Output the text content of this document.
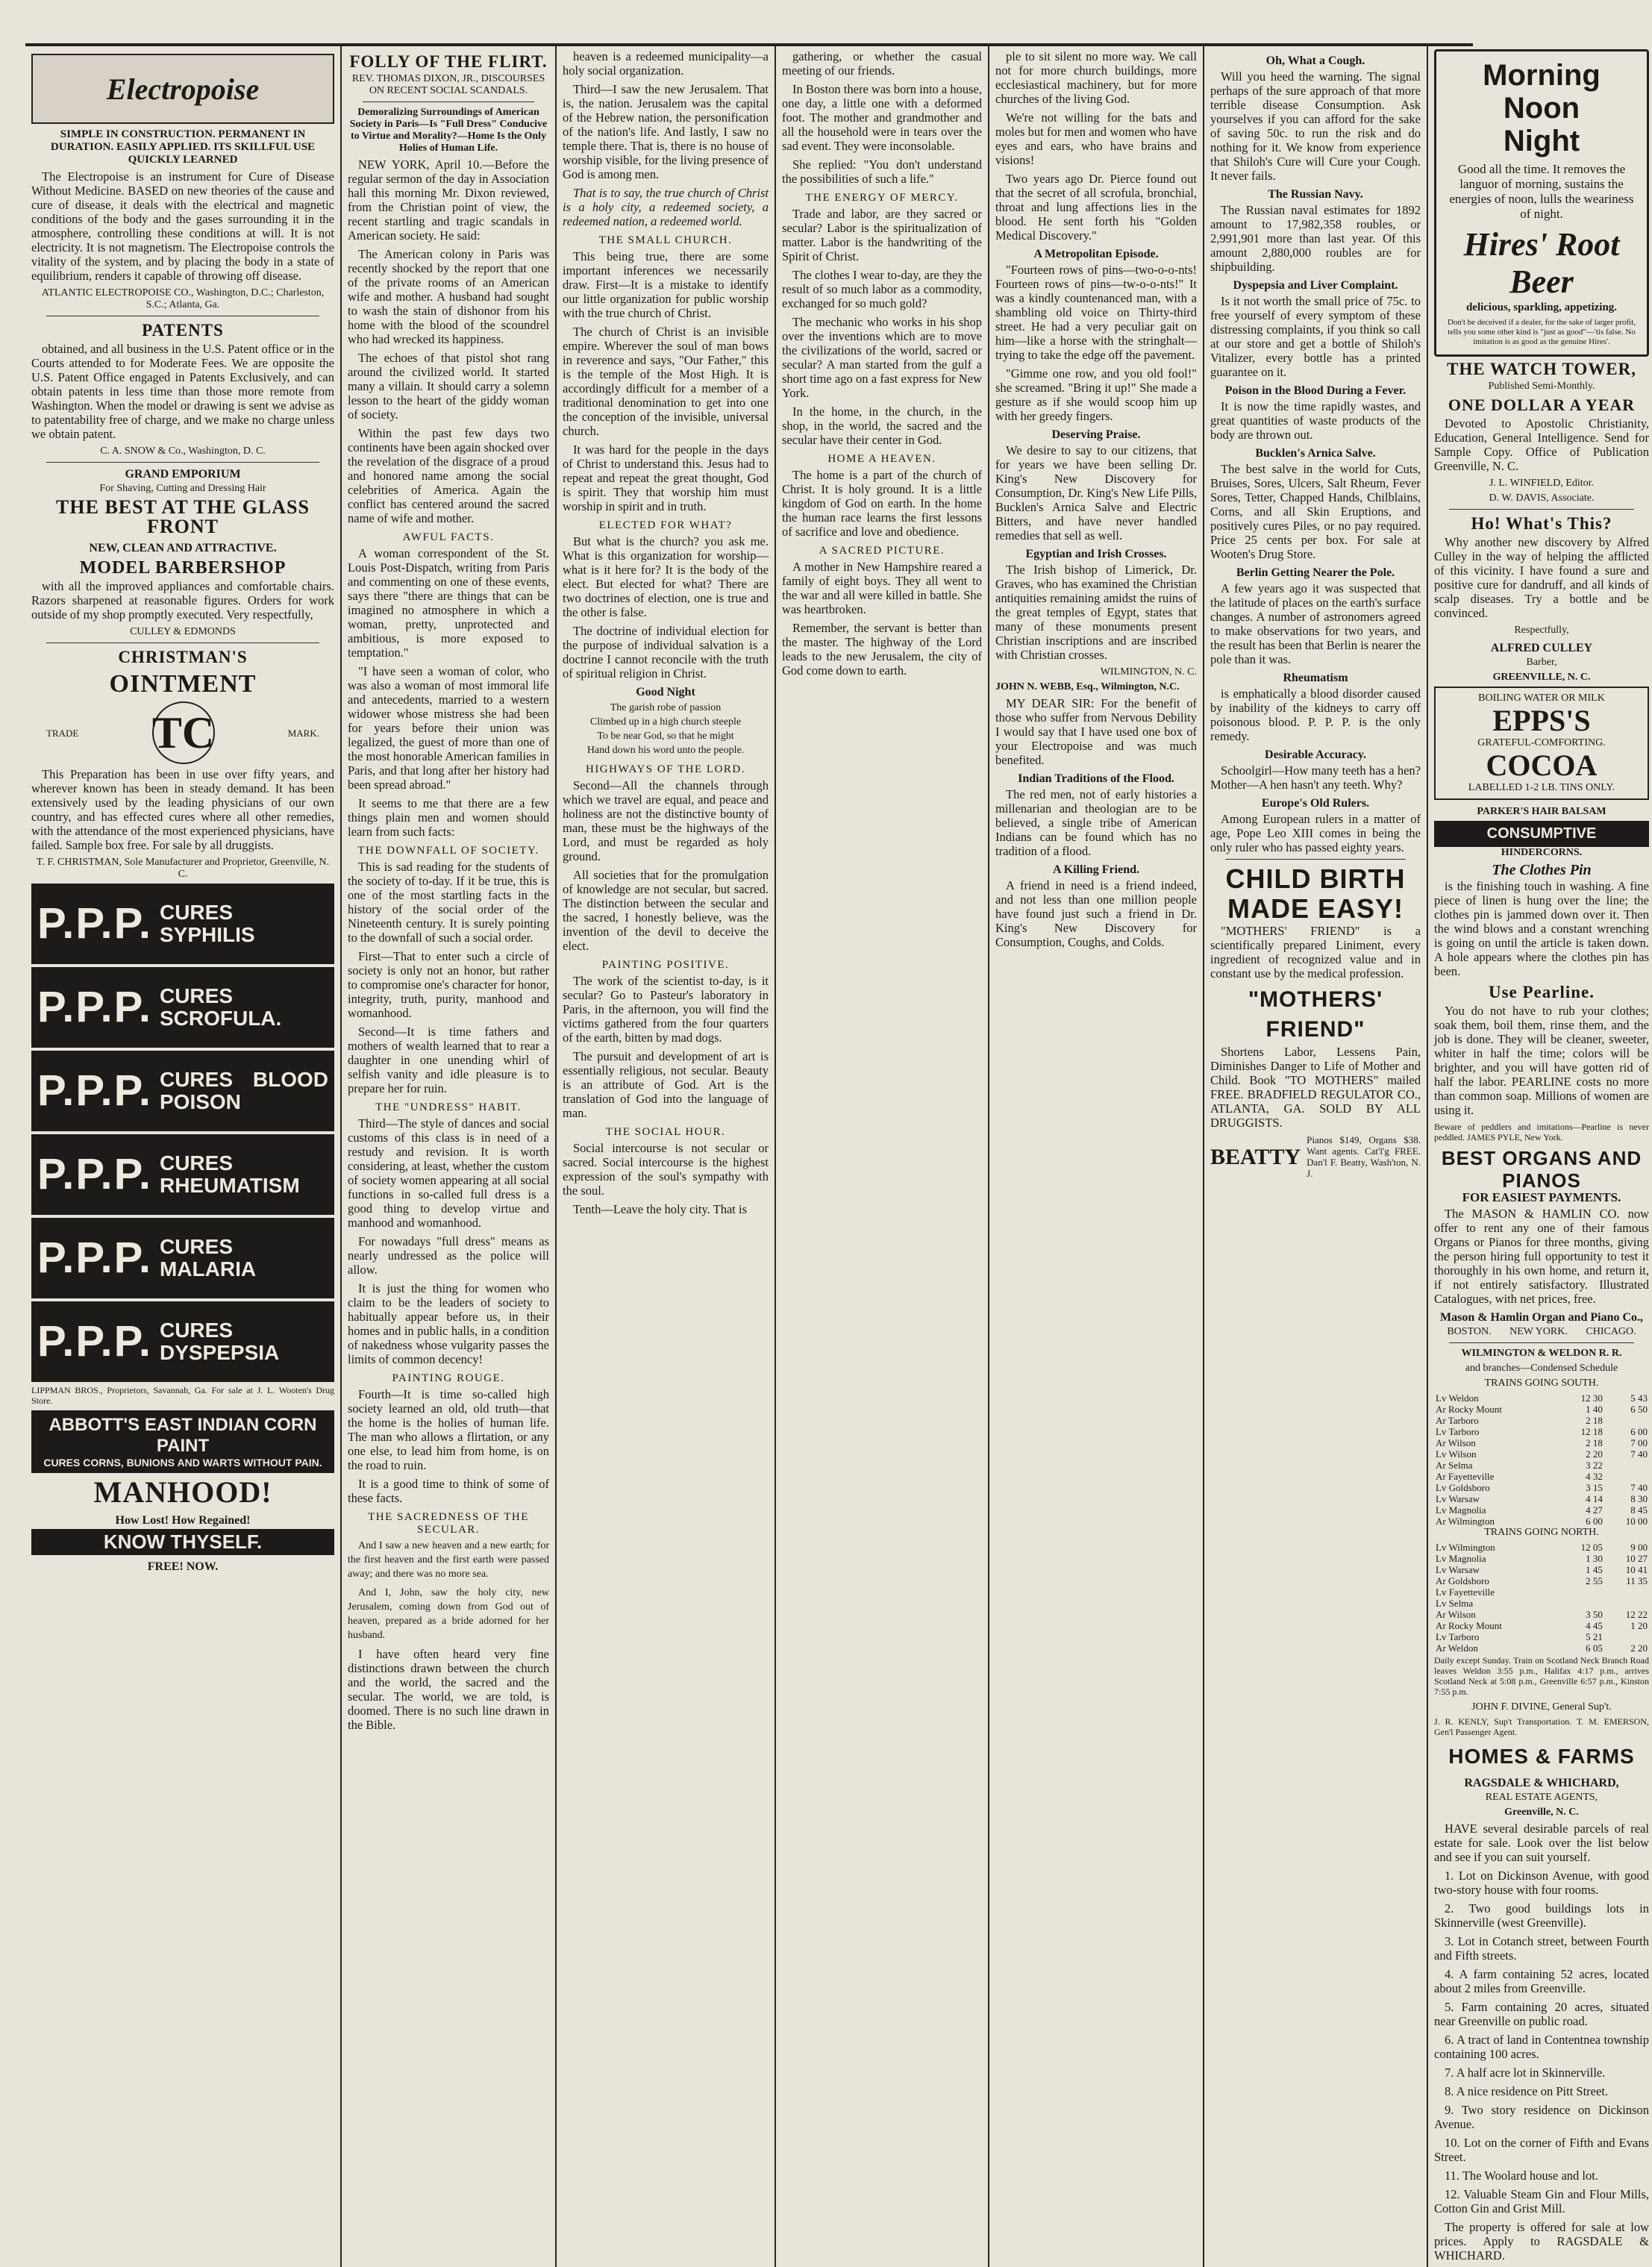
Electropoise
SIMPLE IN CONSTRUCTION. PERMANENT IN DURATION. EASILY APPLIED. ITS SKILLFUL USE QUICKLY LEARNED

The Electropoise is an instrument for Cure of Disease Without Medicine. BASED on new theories of the cause and cure of disease, it deals with the electrical and magnetic conditions of the body and the gases surrounding it in the atmosphere, controlling these conditions at will. It is not electricity. It is not magnetism. The Electropoise controls the vitality of the system, and by placing the body in a state of equilibrium, renders it capable of throwing off disease.

ATLANTIC ELECTROPOISE CO., Washington, D.C.; Charleston, S.C.; Atlanta, Ga.
PATENTS

obtained, and all business in the U.S. Patent office or in the Courts attended to for Moderate Fees. We are opposite the U.S. Patent Office engaged in Patents Exclusively, and can obtain patents in less time than those more remote from Washington. When the model or drawing is sent we advise as to patentability free of charge, and we make no charge unless we obtain patent.

C. A. SNOW & Co., Washington, D. C.
GRAND EMPORIUM
For Shaving, Cutting and Dressing Hair
THE BEST AT THE GLASS FRONT
NEW, CLEAN AND ATTRACTIVE.
MODEL BARBERSHOP

with all the improved appliances and comfortable chairs. Razors sharpened at reasonable figures. Orders for work outside of my shop promptly executed. Very respectfully,

CULLEY & EDMONDS
CHRISTMAN'S
OINTMENT
TRADE TC	MARK.

This Preparation has been in use over fifty years, and wherever known has been in steady demand. It has been extensively used by the leading physicians of our own country, and has effected cures where all other remedies, with the attendance of the most experienced physicians, have failed. Sample box free. For sale by all druggists.

T. F. CHRISTMAN, Sole Manufacturer and Proprietor, Greenville, N. C.
P.P.P. CURES SYPHILIS
P.P.P. CURES SCROFULA.
P.P.P. CURES BLOOD POISON
P.P.P. CURES RHEUMATISM
P.P.P. CURES MALARIA
P.P.P. CURES DYSPEPSIA
LIPPMAN BROS., Proprietors, Savannah, Ga. For sale at J. L. Wooten's Drug Store.
ABBOTT'S EAST INDIAN CORN PAINT
CURES CORNS, BUNIONS AND WARTS WITHOUT PAIN.
MANHOOD!
How Lost! How Regained!
KNOW THYSELF.
FREE! NOW.
FOLLY OF THE FLIRT.
REV. THOMAS DIXON, JR., DISCOURSES ON RECENT SOCIAL SCANDALS.
Demoralizing Surroundings of American Society in Paris—Is "Full Dress" Conducive to Virtue and Morality?—Home Is the Only Holies of Human Life.

NEW YORK, April 10.—Before the regular sermon of the day in Association hall this morning Mr. Dixon reviewed, from the Christian point of view, the recent startling and tragic scandals in American society. He said:

The American colony in Paris was recently shocked by the report that one of the private rooms of an American wife and mother. A husband had sought to wash the stain of dishonor from his home with the blood of the scoundrel who had wrecked its happiness.

The echoes of that pistol shot rang around the civilized world. It started many a villain. It should carry a solemn lesson to the heart of the giddy woman of society.

Within the past few days two continents have been again shocked over the revelation of the disgrace of a proud and honored name among the social celebrities of America. Again the conflict has centered around the sacred name of wife and mother.

AWFUL FACTS.

A woman correspondent of the St. Louis Post-Dispatch, writing from Paris and commenting on one of these events, says there "there are things that can be imagined no atmosphere in which a woman, pretty, unprotected and ambitious, is more exposed to temptation."

"I have seen a woman of color, who was also a woman of most immoral life and antecedents, married to a western widower whose mistress she had been for years before their union was legalized, the guest of more than one of the most honorable American families in Paris, and that long after her history had been spread abroad."

It seems to me that there are a few things plain men and women should learn from such facts:

THE DOWNFALL OF SOCIETY.

This is sad reading for the students of the society of to-day. If it be true, this is one of the most startling facts in the history of the social order of the Nineteenth century. It is surely pointing to the downfall of such a social order.

First—That to enter such a circle of society is only not an honor, but rather to compromise one's character for honor, integrity, truth, purity, manhood and womanhood.

Second—It is time fathers and mothers of wealth learned that to rear a daughter in one unending whirl of selfish vanity and idle pleasure is to prepare her for ruin.

THE "UNDRESS" HABIT.

Third—The style of dances and social customs of this class is in need of a restudy and revision. It is worth considering, at least, whether the custom of society women appearing at all social functions in so-called full dress is a good thing to develop virtue and manhood and womanhood.

For nowadays "full dress" means as nearly undressed as the police will allow.

It is just the thing for women who claim to be the leaders of society to habitually appear before us, in their homes and in public halls, in a condition of nakedness whose vulgarity passes the limits of common decency!

PAINTING ROUGE.

Fourth—It is time so-called high society learned an old, old truth—that the home is the holies of human life. The man who allows a flirtation, or any one else, to lead him from home, is on the road to ruin.

It is a good time to think of some of these facts.

THE SACREDNESS OF THE SECULAR.

And I saw a new heaven and a new earth; for the first heaven and the first earth were passed away; and there was no more sea.

And I, John, saw the holy city, new Jerusalem, coming down from God out of heaven, prepared as a bride adorned for her husband.

I have often heard very fine distinctions drawn between the church and the world, the sacred and the secular. The world, we are told, is doomed. There is no such line drawn in the Bible.

heaven is a redeemed municipality—a holy social organization.

Third—I saw the new Jerusalem. That is, the nation. Jerusalem was the capital of the Hebrew nation, the personification of the nation's life. And lastly, I saw no temple there. That is, there is no house of worship visible, for the living presence of God is among men.

That is to say, the true church of Christ is a holy city, a redeemed society, a redeemed nation, a redeemed world.

THE SMALL CHURCH.

This being true, there are some important inferences we necessarily draw. First—It is a mistake to identify our little organization for public worship with the true church of Christ.

The church of Christ is an invisible empire. Wherever the soul of man bows in reverence and says, "Our Father," this is the temple of the Most High. It is accordingly difficult for a member of a traditional denomination to get into one the conception of the invisible, universal church.

It was hard for the people in the days of Christ to understand this. Jesus had to repeat and repeat the great thought, God is spirit. They that worship him must worship in spirit and in truth.

ELECTED FOR WHAT?

But what is the church? you ask me. What is this organization for worship—what is it here for? It is the body of the elect. But elected for what? There are two doctrines of election, one is true and the other is false.

The doctrine of individual election for the purpose of individual salvation is a doctrine I cannot reconcile with the truth of spiritual religion in Christ.

Good Night

The garish robe of passion
Climbed up in a high church steeple
To be near God, so that he might
Hand down his word unto the people.

HIGHWAYS OF THE LORD.

Second—All the channels through which we travel are equal, and peace and holiness are not the distinctive bounty of man, these must be the highways of the Lord, and must be regarded as holy ground.

All societies that for the promulgation of knowledge are not secular, but sacred. The distinction between the secular and the sacred, I honestly believe, was the invention of the devil to deceive the elect.

PAINTING POSITIVE.

The work of the scientist to-day, is it secular? Go to Pasteur's laboratory in Paris, in the afternoon, you will find the victims gathered from the four quarters of the earth, bitten by mad dogs.

The pursuit and development of art is essentially religious, not secular. Beauty is an attribute of God. Art is the translation of God into the language of man.

THE SOCIAL HOUR.

Social intercourse is not secular or sacred. Social intercourse is the highest expression of the soul's sympathy with the soul.

Tenth—Leave the holy city. That is

gathering, or whether the casual meeting of our friends.

In Boston there was born into a house, one day, a little one with a deformed foot. The mother and grandmother and all the household were in tears over the sad event. They were inconsolable.

She replied: "You don't understand the possibilities of such a life."

THE ENERGY OF MERCY.

Trade and labor, are they sacred or secular? Labor is the spiritualization of matter. Labor is the handwriting of the Spirit of Christ.

The clothes I wear to-day, are they the result of so much labor as a commodity, exchanged for so much gold?

The mechanic who works in his shop over the inventions which are to move the civilizations of the world, sacred or secular? A man started from the gulf a short time ago on a fast express for New York.

In the home, in the church, in the shop, in the world, the sacred and the secular have their center in God.

HOME A HEAVEN.

The home is a part of the church of Christ. It is holy ground. It is a little kingdom of God on earth. In the home the human race learns the first lessons of sacrifice and love and obedience.

A SACRED PICTURE.

A mother in New Hampshire reared a family of eight boys. They all went to the war and all were killed in battle. She was heartbroken.

Remember, the servant is better than the master. The highway of the Lord leads to the new Jerusalem, the city of God come down to earth.

ple to sit silent no more way. We call not for more church buildings, more ecclesiastical machinery, but for more churches of the living God.

We're not willing for the bats and moles but for men and women who have eyes and ears, who have brains and visions!

Two years ago Dr. Pierce found out that the secret of all scrofula, bronchial, throat and lung affections lies in the blood. He sent forth his "Golden Medical Discovery."

A Metropolitan Episode.

"Fourteen rows of pins—two-o-o-nts! Fourteen rows of pins—tw-o-o-nts!" It was a kindly countenanced man, with a shambling old voice on Thirty-third street. He had a very peculiar gait on him—like a horse with the stringhalt—trying to take the edge off the pavement.

"Gimme one row, and you old fool!" she screamed. "Bring it up!" She made a gesture as if she would scoop him up with her greedy fingers.

Deserving Praise.

We desire to say to our citizens, that for years we have been selling Dr. King's New Discovery for Consumption, Dr. King's New Life Pills, Bucklen's Arnica Salve and Electric Bitters, and have never handled remedies that sell as well.

Egyptian and Irish Crosses.

The Irish bishop of Limerick, Dr. Graves, who has examined the Christian antiquities remaining amidst the ruins of the great temples of Egypt, states that many of these monuments present Christian inscriptions and are inscribed with Christian crosses.

WILMINGTON, N. C.
JOHN N. WEBB, Esq., Wilmington, N.C.

MY DEAR SIR: For the benefit of those who suffer from Nervous Debility I would say that I have used one box of your Electropoise and was much benefited.

Indian Traditions of the Flood.

The red men, not of early histories a millenarian and theologian are to be believed, a single tribe of American Indians can be found which has no tradition of a flood.

A Killing Friend.

A friend in need is a friend indeed, and not less than one million people have found just such a friend in Dr. King's New Discovery for Consumption, Coughs, and Colds.

Oh, What a Cough.

Will you heed the warning. The signal perhaps of the sure approach of that more terrible disease Consumption. Ask yourselves if you can afford for the sake of saving 50c. to run the risk and do nothing for it. We know from experience that Shiloh's Cure will Cure your Cough. It never fails.

The Russian Navy.

The Russian naval estimates for 1892 amount to 17,982,358 roubles, or 2,991,901 more than last year. Of this amount 2,880,000 roubles are for shipbuilding.

Dyspepsia and Liver Complaint.

Is it not worth the small price of 75c. to free yourself of every symptom of these distressing complaints, if you think so call at our store and get a bottle of Shiloh's Vitalizer, every bottle has a printed guarantee on it.

Poison in the Blood During a Fever.

It is now the time rapidly wastes, and great quantities of waste products of the body are thrown out.

Bucklen's Arnica Salve.

The best salve in the world for Cuts, Bruises, Sores, Ulcers, Salt Rheum, Fever Sores, Tetter, Chapped Hands, Chilblains, Corns, and all Skin Eruptions, and positively cures Piles, or no pay required. Price 25 cents per box. For sale at Wooten's Drug Store.

Berlin Getting Nearer the Pole.

A few years ago it was suspected that the latitude of places on the earth's surface changes. A number of astronomers agreed to make observations for two years, and the result has been that Berlin is nearer the pole than it was.

Rheumatism

is emphatically a blood disorder caused by inability of the kidneys to carry off poisonous blood. P. P. P. is the only remedy.

Desirable Accuracy.

Schoolgirl—How many teeth has a hen? Mother—A hen hasn't any teeth. Why?

Europe's Old Rulers.

Among European rulers in a matter of age, Pope Leo XIII comes in being the only ruler who has passed eighty years.

CHILD BIRTH
MADE EASY!

"MOTHERS' FRIEND" is a scientifically prepared Liniment, every ingredient of recognized value and in constant use by the medical profession.

"MOTHERS' FRIEND"

Shortens Labor, Lessens Pain, Diminishes Danger to Life of Mother and Child. Book "TO MOTHERS" mailed FREE. BRADFIELD REGULATOR CO., ATLANTA, GA. SOLD BY ALL DRUGGISTS.

BEATTY
Pianos $149, Organs $38. Want agents. Cat'l'g FREE. Dan'l F. Beatty, Wash'ton, N. J.
Morning
Noon
Night
Good all the time. It removes the languor of morning, sustains the energies of noon, lulls the weariness of night.
Hires' Root Beer
delicious, sparkling, appetizing.
Don't be deceived if a dealer, for the sake of larger profit, tells you some other kind is "just as good"—'tis false. No imitation is as good as the genuine Hires'.
THE WATCH TOWER,
Published Semi-Monthly.
ONE DOLLAR A YEAR

Devoted to Apostolic Christianity, Education, General Intelligence. Send for Sample Copy. Office of Publication Greenville, N. C.

J. L. WINFIELD, Editor.
D. W. DAVIS, Associate.
Ho! What's This?

Why another new discovery by Alfred Culley in the way of helping the afflicted of this vicinity. I have found a sure and positive cure for dandruff, and all kinds of scalp diseases. Try a bottle and be convinced.

Respectfully,
ALFRED CULLEY
Barber,
GREENVILLE, N. C.
BOILING WATER OR MILK
EPPS'S
GRATEFUL-COMFORTING.
COCOA
LABELLED 1-2 LB. TINS ONLY.
PARKER'S HAIR BALSAM
CONSUMPTIVE
HINDERCORNS.
The Clothes Pin

is the finishing touch in washing. A fine piece of linen is hung over the line; the clothes pin is jammed down over it. Then the wind blows and a constant wrenching is going on until the article is taken down. A hole appears where the clothes pin has been.

Use Pearline.

You do not have to rub your clothes; soak them, boil them, rinse them, and the job is done. They will be cleaner, sweeter, whiter in half the time; colors will be brighter, and you will have gotten rid of half the labor. PEARLINE costs no more than common soap. Millions of women are using it.

Beware of peddlers and imitations—Pearline is never peddled. JAMES PYLE, New York.
BEST ORGANS AND PIANOS
FOR EASIEST PAYMENTS.

The MASON & HAMLIN CO. now offer to rent any one of their famous Organs or Pianos for three months, giving the person hiring full opportunity to test it thoroughly in his own home, and return it, if not entirely satisfactory. Illustrated Catalogues, with net prices, free.

Mason & Hamlin Organ and Piano Co.,
BOSTON.       NEW YORK.       CHICAGO.
WILMINGTON & WELDON R. R.
and branches—Condensed Schedule
TRAINS GOING SOUTH.
Lv Weldon	12 30	5 43
Ar Rocky Mount	1 40	6 50
Ar Tarboro	2 18	
Lv Tarboro	12 18	6 00
Ar Wilson	2 18	7 00
Lv Wilson	2 20	7 40
Ar Selma	3 22	
Ar Fayetteville	4 32	
Lv Goldsboro	3 15	7 40
Lv Warsaw	4 14	8 30
Lv Magnolia	4 27	8 45
Ar Wilmington	6 00	10 00
TRAINS GOING NORTH.
Lv Wilmington	12 05	9 00
Lv Magnolia	1 30	10 27
Lv Warsaw	1 45	10 41
Ar Goldsboro	2 55	11 35
Lv Fayetteville		
Lv Selma		
Ar Wilson	3 50	12 22
Ar Rocky Mount	4 45	1 20
Lv Tarboro	5 21	
Ar Weldon	6 05	2 20
Daily except Sunday. Train on Scotland Neck Branch Road leaves Weldon 3:55 p.m., Halifax 4:17 p.m., arrives Scotland Neck at 5:08 p.m., Greenville 6:57 p.m., Kinston 7:55 p.m.
JOHN F. DIVINE, General Sup't.
J. R. KENLY, Sup't Transportation. T. M. EMERSON, Gen'l Passenger Agent.
HOMES & FARMS
RAGSDALE & WHICHARD,
REAL ESTATE AGENTS,
Greenville, N. C.

HAVE several desirable parcels of real estate for sale. Look over the list below and see if you can suit yourself.

1. Lot on Dickinson Avenue, with good two-story house with four rooms.

2. Two good buildings lots in Skinnerville (west Greenville).

3. Lot in Cotanch street, between Fourth and Fifth streets.

4. A farm containing 52 acres, located about 2 miles from Greenville.

5. Farm containing 20 acres, situated near Greenville on public road.

6. A tract of land in Contentnea township containing 100 acres.

7. A half acre lot in Skinnerville.

8. A nice residence on Pitt Street.

9. Two story residence on Dickinson Avenue.

10. Lot on the corner of Fifth and Evans Street.

11. The Woolard house and lot.

12. Valuable Steam Gin and Flour Mills, Cotton Gin and Grist Mill.

The property is offered for sale at low prices. Apply to RAGSDALE & WHICHARD.
